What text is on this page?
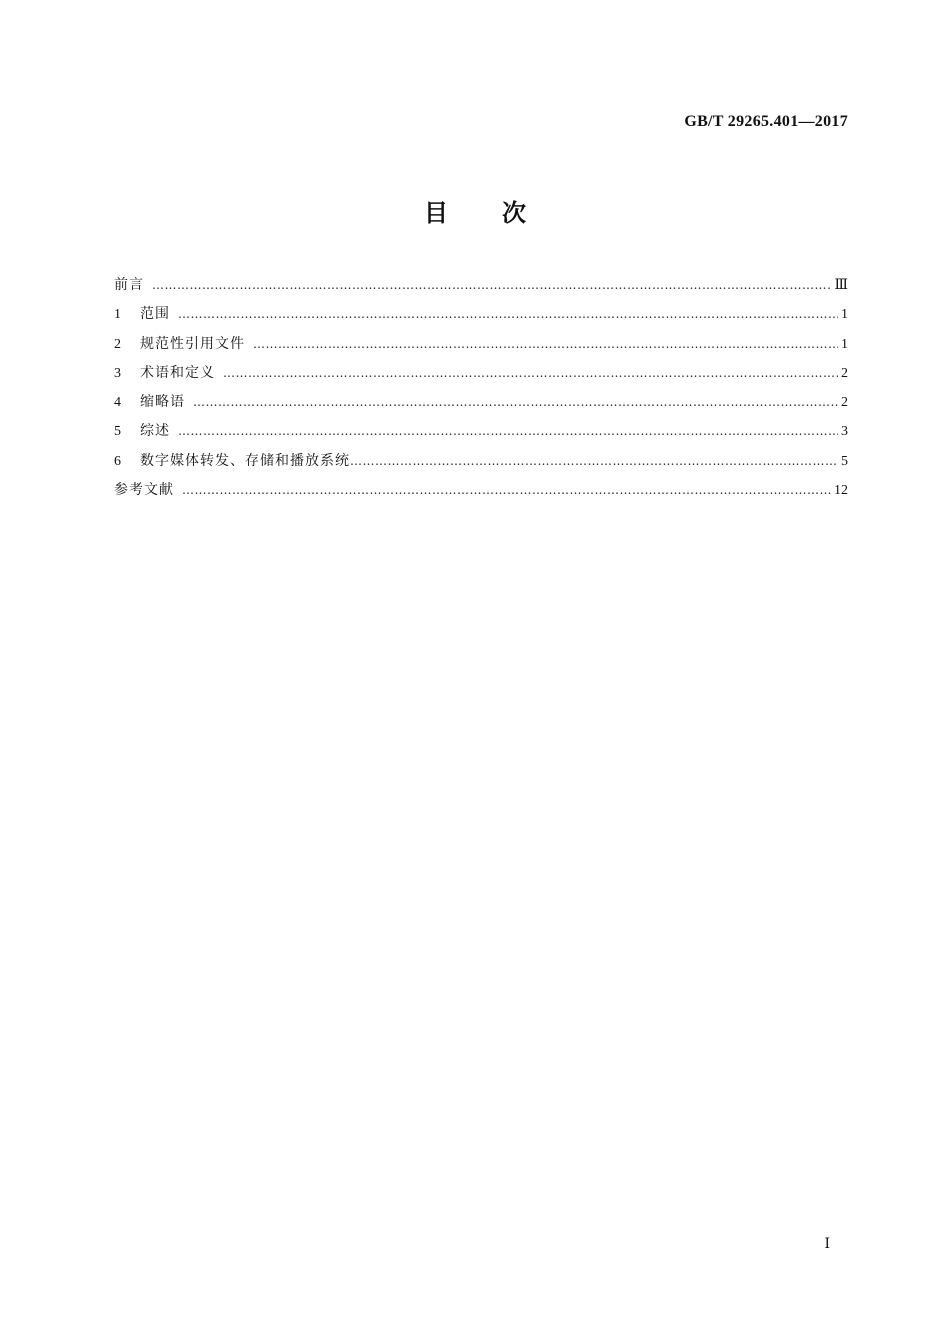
GB/T 29265.401—2017
目 次
前言 …………………………………………………………………………………………………………………………………………………………………………………	Ⅲ
1	范围 …………………………………………………………………………………………………………………………………………………………………………………	1
2	规范性引用文件 …………………………………………………………………………………………………………………………………………………………………………………	1
3	术语和定义 …………………………………………………………………………………………………………………………………………………………………………………	2
4	缩略语 …………………………………………………………………………………………………………………………………………………………………………………	2
5	综述 …………………………………………………………………………………………………………………………………………………………………………………	3
6	数字媒体转发、存储和播放系统 …………………………………………………………………………………………………………………………………………………………………………………	5
参考文献 …………………………………………………………………………………………………………………………………………………………………………………	12
Ⅰ
